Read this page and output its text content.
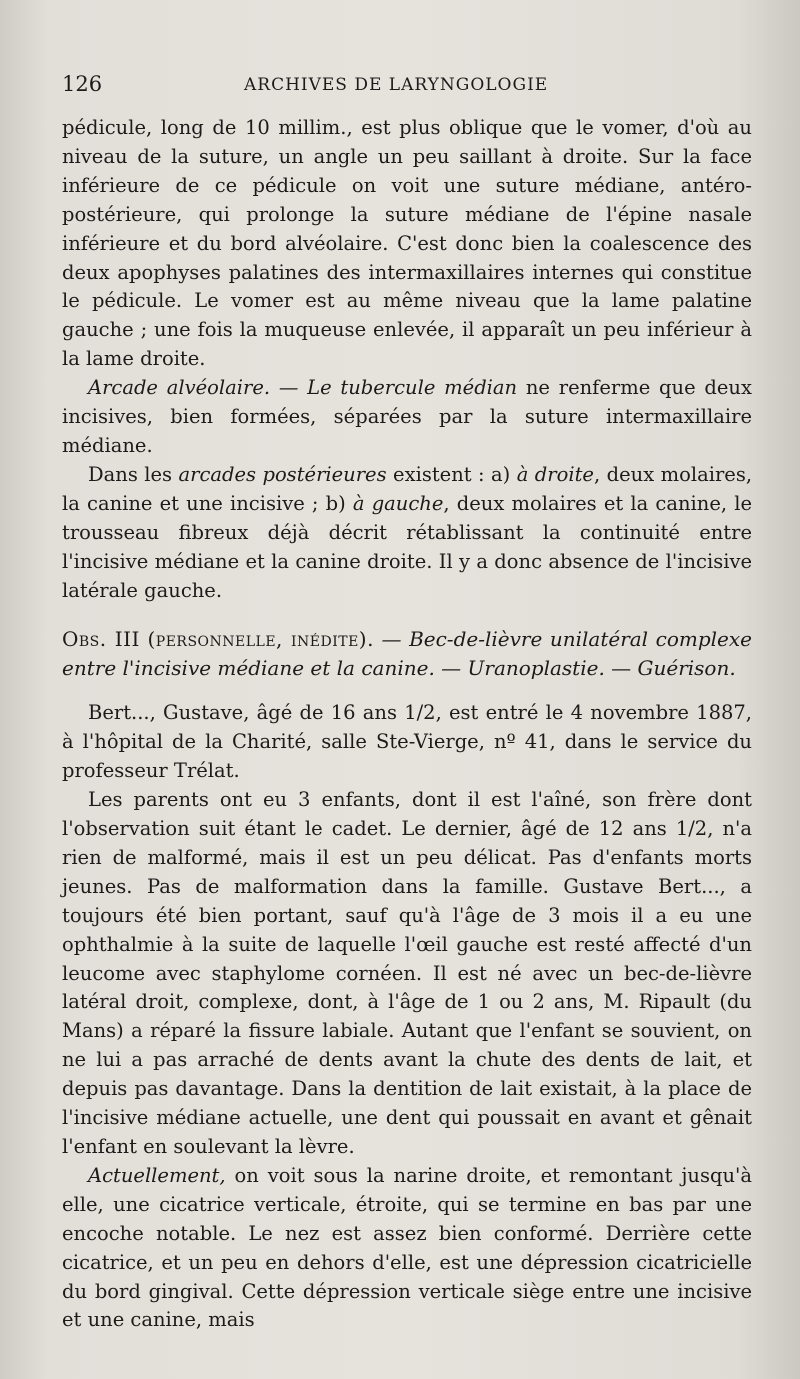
126	ARCHIVES DE LARYNGOLOGIE

pédicule, long de 10 millim., est plus oblique que le vomer, d'où au niveau de la suture, un angle un peu saillant à droite. Sur la face inférieure de ce pédicule on voit une suture médiane, antéro-postérieure, qui prolonge la suture médiane de l'épine nasale inférieure et du bord alvéolaire. C'est donc bien la coalescence des deux apophyses palatines des intermaxillaires internes qui constitue le pédicule. Le vomer est au même niveau que la lame palatine gauche ; une fois la muqueuse enlevée, il apparaît un peu inférieur à la lame droite.

Arcade alvéolaire. — Le tubercule médian ne renferme que deux incisives, bien formées, séparées par la suture intermaxillaire médiane.

Dans les arcades postérieures existent : a) à droite, deux molaires, la canine et une incisive ; b) à gauche, deux molaires et la canine, le trousseau fibreux déjà décrit rétablissant la continuité entre l'incisive médiane et la canine droite. Il y a donc absence de l'incisive latérale gauche.

Obs. III (personnelle, inédite). — Bec-de-lièvre unilatéral complexe entre l'incisive médiane et la canine. — Uranoplastie. — Guérison.

Bert..., Gustave, âgé de 16 ans 1/2, est entré le 4 novembre 1887, à l'hôpital de la Charité, salle Ste-Vierge, nº 41, dans le service du professeur Trélat.

Les parents ont eu 3 enfants, dont il est l'aîné, son frère dont l'observation suit étant le cadet. Le dernier, âgé de 12 ans 1/2, n'a rien de malformé, mais il est un peu délicat. Pas d'enfants morts jeunes. Pas de malformation dans la famille. Gustave Bert..., a toujours été bien portant, sauf qu'à l'âge de 3 mois il a eu une ophthalmie à la suite de laquelle l'œil gauche est resté affecté d'un leucome avec staphylome cornéen. Il est né avec un bec-de-lièvre latéral droit, complexe, dont, à l'âge de 1 ou 2 ans, M. Ripault (du Mans) a réparé la fissure labiale. Autant que l'enfant se souvient, on ne lui a pas arraché de dents avant la chute des dents de lait, et depuis pas davantage. Dans la dentition de lait existait, à la place de l'incisive médiane actuelle, une dent qui poussait en avant et gênait l'enfant en soulevant la lèvre.

Actuellement, on voit sous la narine droite, et remontant jusqu'à elle, une cicatrice verticale, étroite, qui se termine en bas par une encoche notable. Le nez est assez bien conformé. Derrière cette cicatrice, et un peu en dehors d'elle, est une dépression cicatricielle du bord gingival. Cette dépression verticale siège entre une incisive et une canine, mais
